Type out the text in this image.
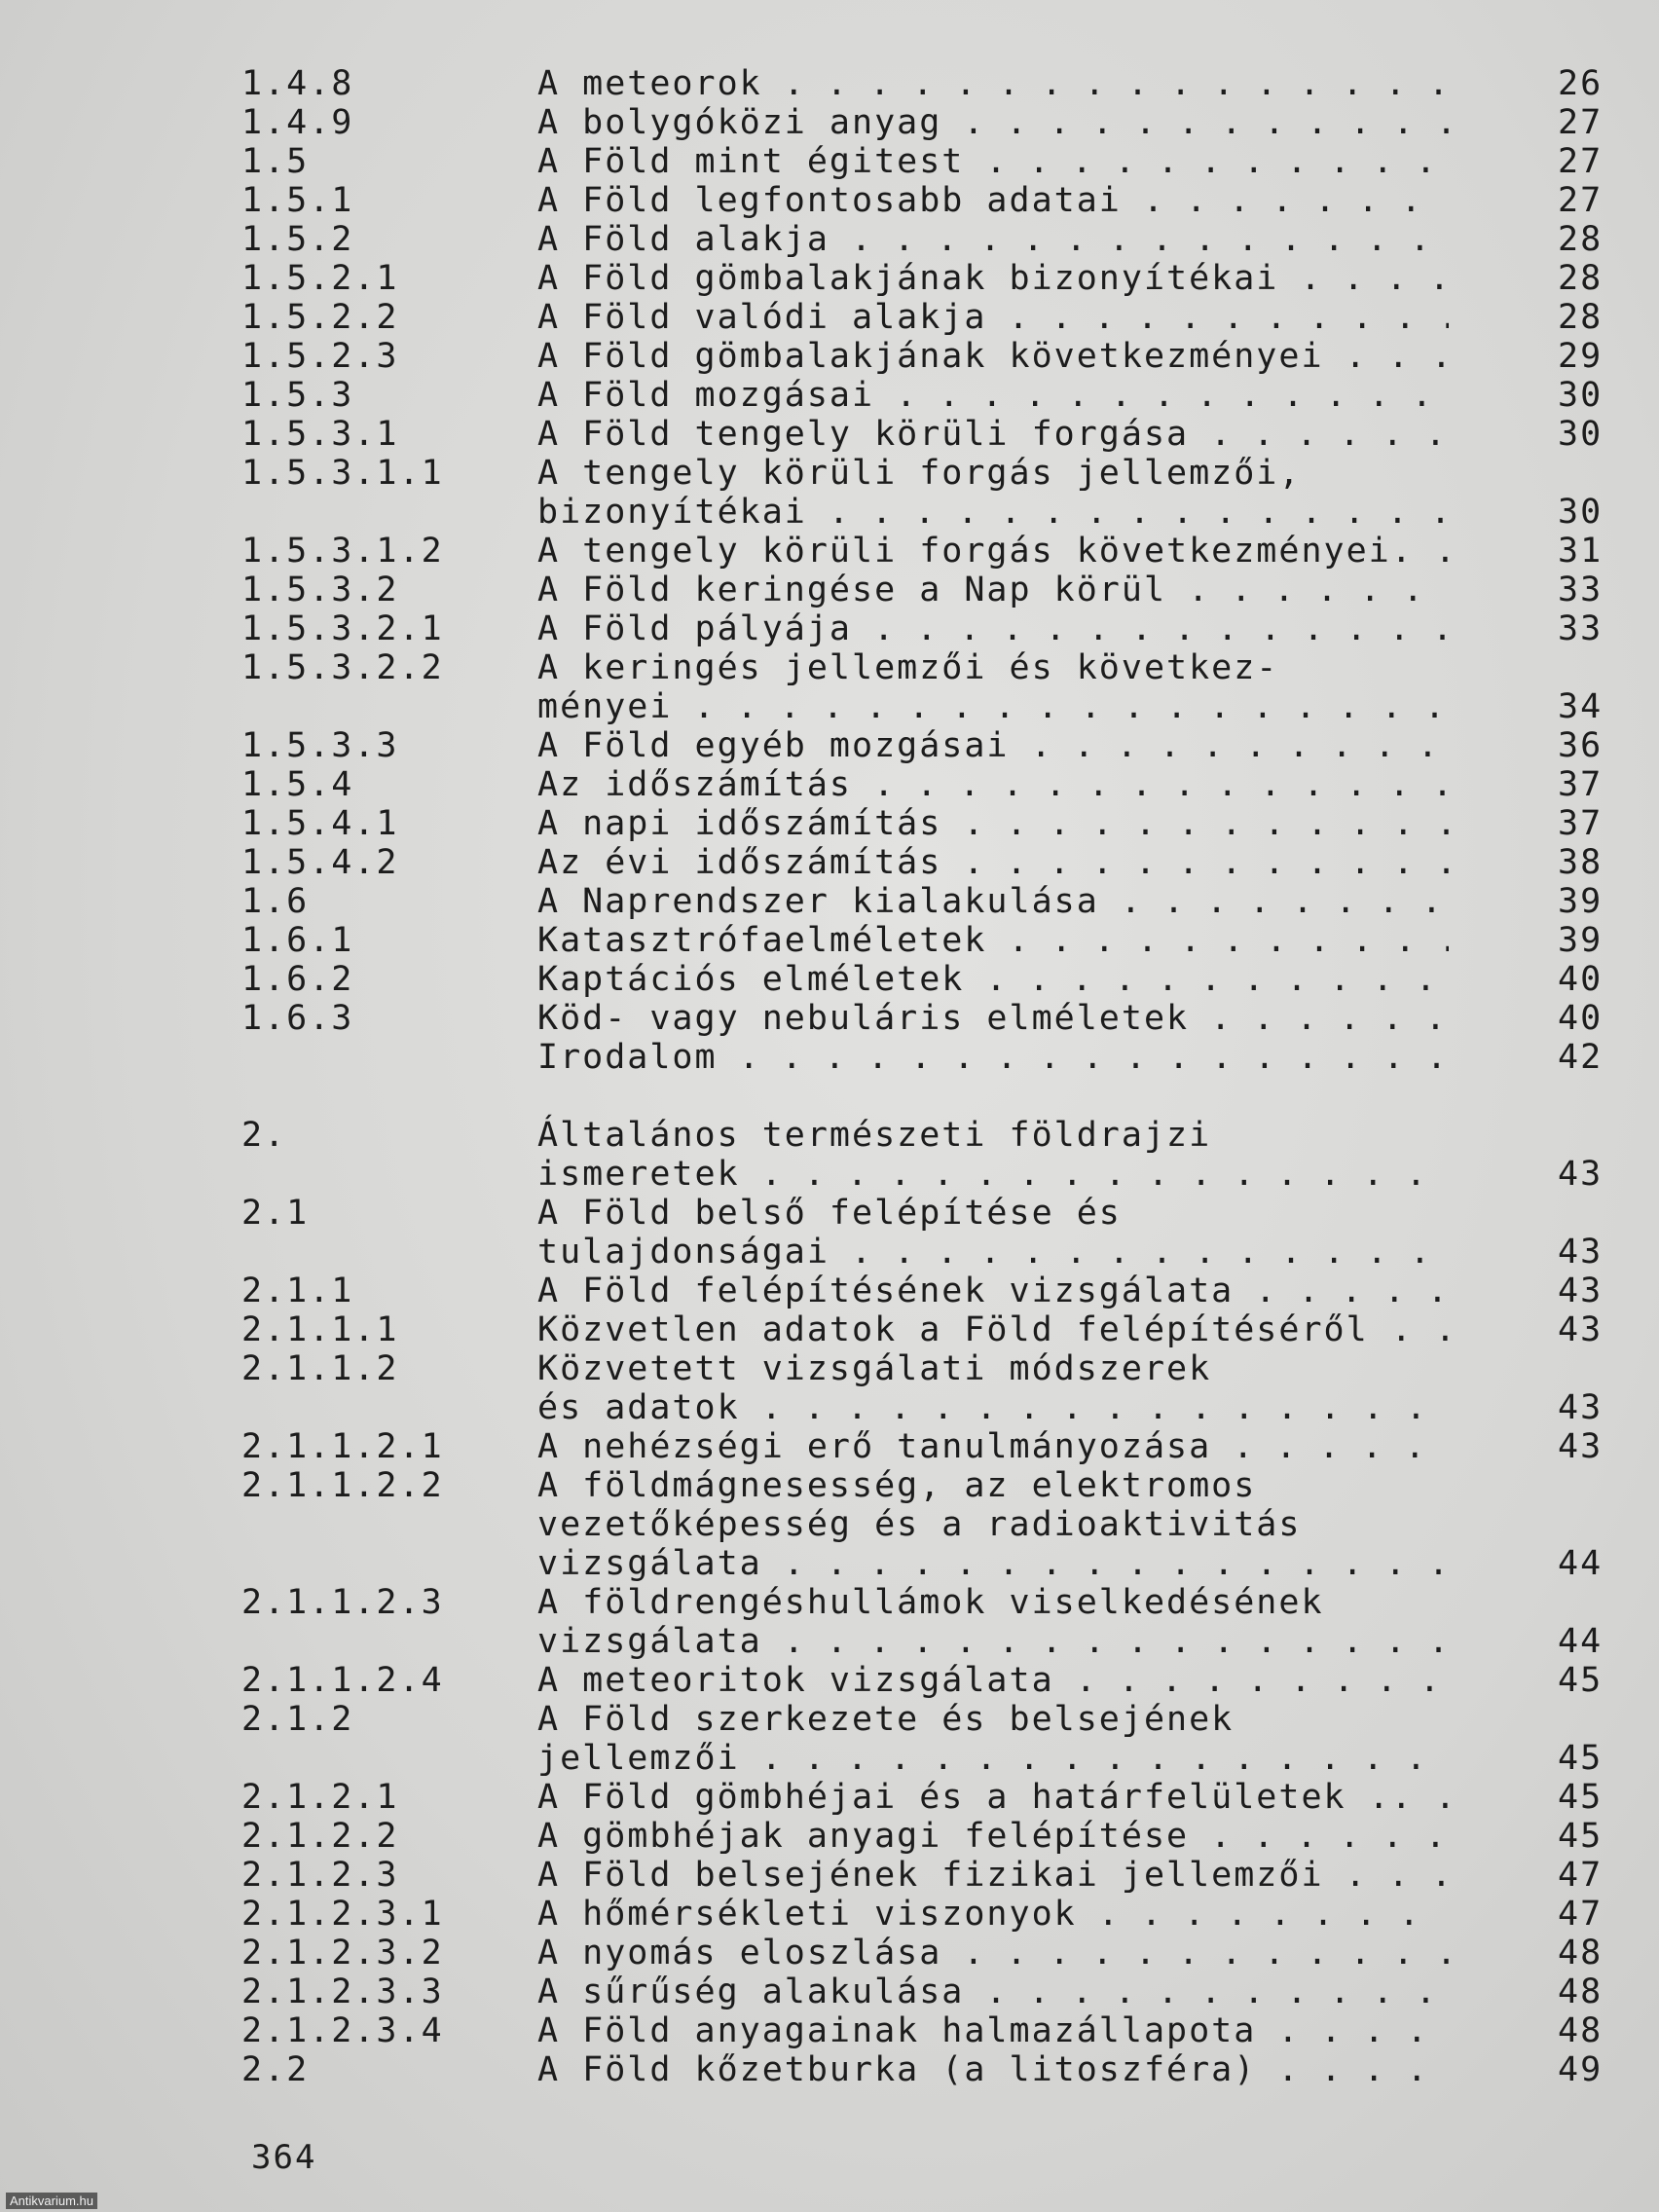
1.4.8	A meteorok . . .	26
1.4.9	A bolygóközi anyag . . .	27
1.5	A Föld mint égitest . . .	27
1.5.1	A Föld legfontosabb adatai . . .	27
1.5.2	A Föld alakja . . .	28
1.5.2.1	A Föld gömbalakjának bizonyítékai . . .	28
1.5.2.2	A Föld valódi alakja . . .	28
1.5.2.3	A Föld gömbalakjának következményei . . .	29
1.5.3	A Föld mozgásai . . .	30
1.5.3.1	A Föld tengely körüli forgása . . .	30
1.5.3.1.1	A tengely körüli forgás jellemzői,
bizonyítékai . . .	30
1.5.3.1.2	A tengely körüli forgás következményei. . . .	31
1.5.3.2	A Föld keringése a Nap körül . . .	33
1.5.3.2.1	A Föld pályája . . .	33
1.5.3.2.2	A keringés jellemzői és következ-
ményei . . .	34
1.5.3.3	A Föld egyéb mozgásai . . .	36
1.5.4	Az időszámítás . . .	37
1.5.4.1	A napi időszámítás . . .	37
1.5.4.2	Az évi időszámítás . . .	38
1.6	A Naprendszer kialakulása . . .	39
1.6.1	Katasztrófaelméletek . . .	39
1.6.2	Kaptációs elméletek . . .	40
1.6.3	Köd- vagy nebuláris elméletek . . .	40
Irodalom . . .	42
2.	Általános természeti földrajzi
ismeretek . . .	43
2.1	A Föld belső felépítése és
tulajdonságai . . .	43
2.1.1	A Föld felépítésének vizsgálata . . .	43
2.1.1.1	Közvetlen adatok a Föld felépítéséről . . . .	43
2.1.1.2	Közvetett vizsgálati módszerek
és adatok . . .	43
2.1.1.2.1	A nehézségi erő tanulmányozása . . .	43
2.1.1.2.2	A földmágnesesség, az elektromos
vezetőképesség és a radioaktivitás
vizsgálata . . .	44
2.1.1.2.3	A földrengéshullámok viselkedésének
vizsgálata . . .	44
2.1.1.2.4	A meteoritok vizsgálata . . .	45
2.1.2	A Föld szerkezete és belsejének
jellemzői . . .	45
2.1.2.1	A Föld gömbhéjai és a határfelületek .. . . .	45
2.1.2.2	A gömbhéjak anyagi felépítése . . .	45
2.1.2.3	A Föld belsejének fizikai jellemzői . . .	47
2.1.2.3.1	A hőmérsékleti viszonyok . . .	47
2.1.2.3.2	A nyomás eloszlása . . .	48
2.1.2.3.3	A sűrűség alakulása . . .	48
2.1.2.3.4	A Föld anyagainak halmazállapota . . .	48
2.2	A Föld kőzetburka (a litoszféra) . . .	49
364
Antikvarium.hu
